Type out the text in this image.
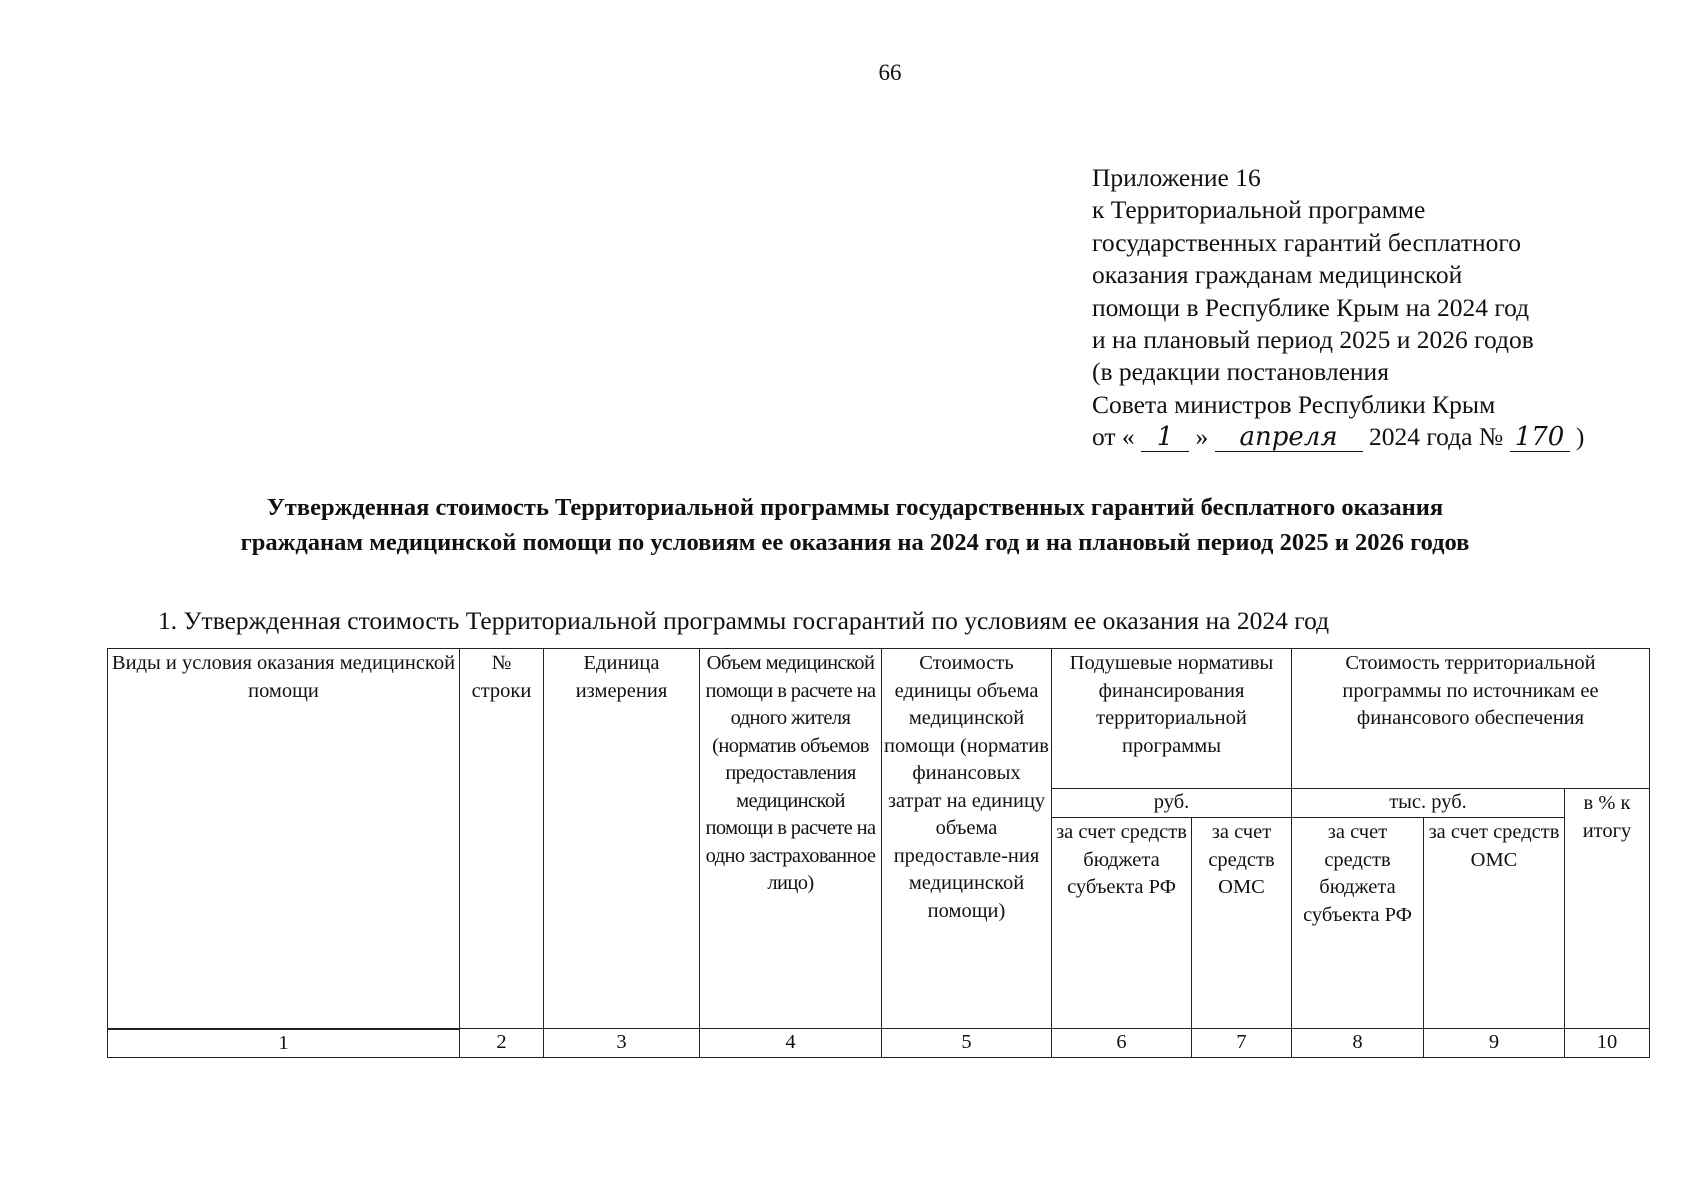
66
Приложение 16
к Территориальной программе
государственных гарантий бесплатного
оказания гражданам медицинской
помощи в Республике Крым на 2024 год
и на плановый период 2025 и 2026 годов
(в редакции постановления
Совета министров Республики Крым
от « 1 » апреля 2024 года № 170 )
Утвержденная стоимость Территориальной программы государственных гарантий бесплатного оказания
гражданам медицинской помощи по условиям ее оказания на 2024 год и на плановый период 2025 и 2026 годов
1. Утвержденная стоимость Территориальной программы госгарантий по условиям ее оказания на 2024 год
Виды и условия оказания медицинской помощи	№ строки	Единица измерения	Объем медицинской помощи в расчете на одного жителя (норматив объемов предоставления медицинской помощи в расчете на одно застрахованное лицо)	Стоимость единицы объема медицинской помощи (норматив финансовых затрат на единицу объема предоставле-ния медицинской помощи)	Подушевые нормативы финансирования территориальной программы		Стоимость территориальной программы по источникам ее финансового обеспечения		
					руб.		тыс. руб.		в % к итогу
					за счет средств бюджета субъекта РФ	за счет средств ОМС	за счет средств бюджета субъекта РФ	за счет средств ОМС	
1	2	3	4	5	6	7	8	9	10
